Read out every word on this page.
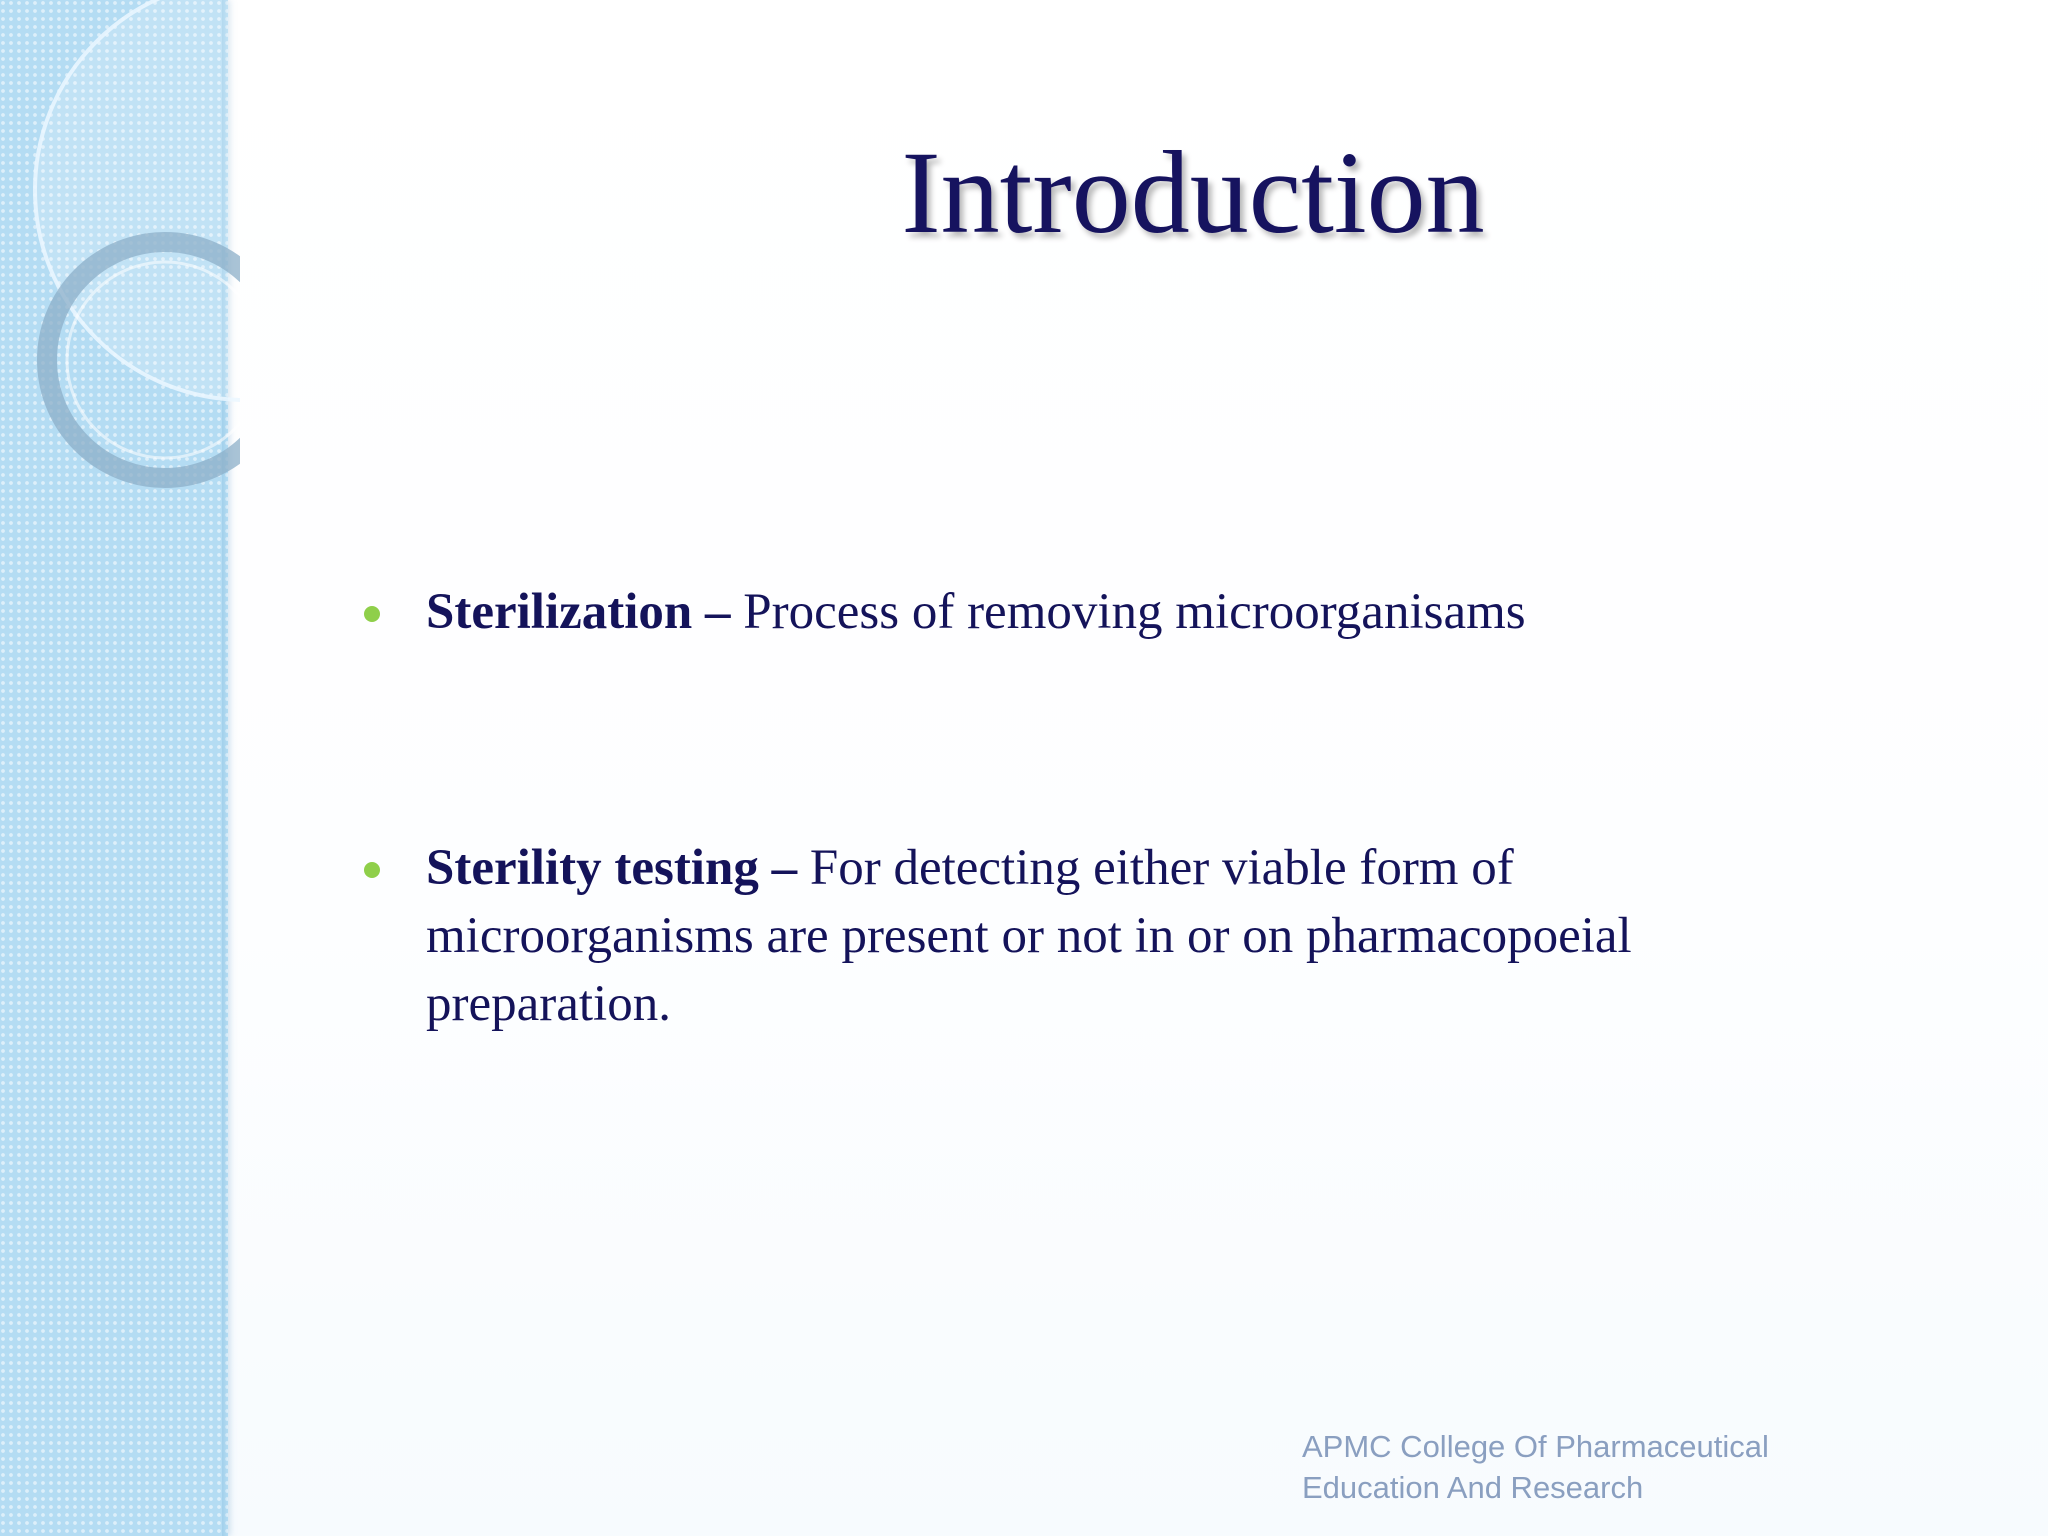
Introduction
Sterilization – Process of removing microorganisams
Sterility testing – For detecting either viable form of microorganisms are present or not in or on pharmacopoeial preparation.
APMC College Of Pharmaceutical
Education And Research
